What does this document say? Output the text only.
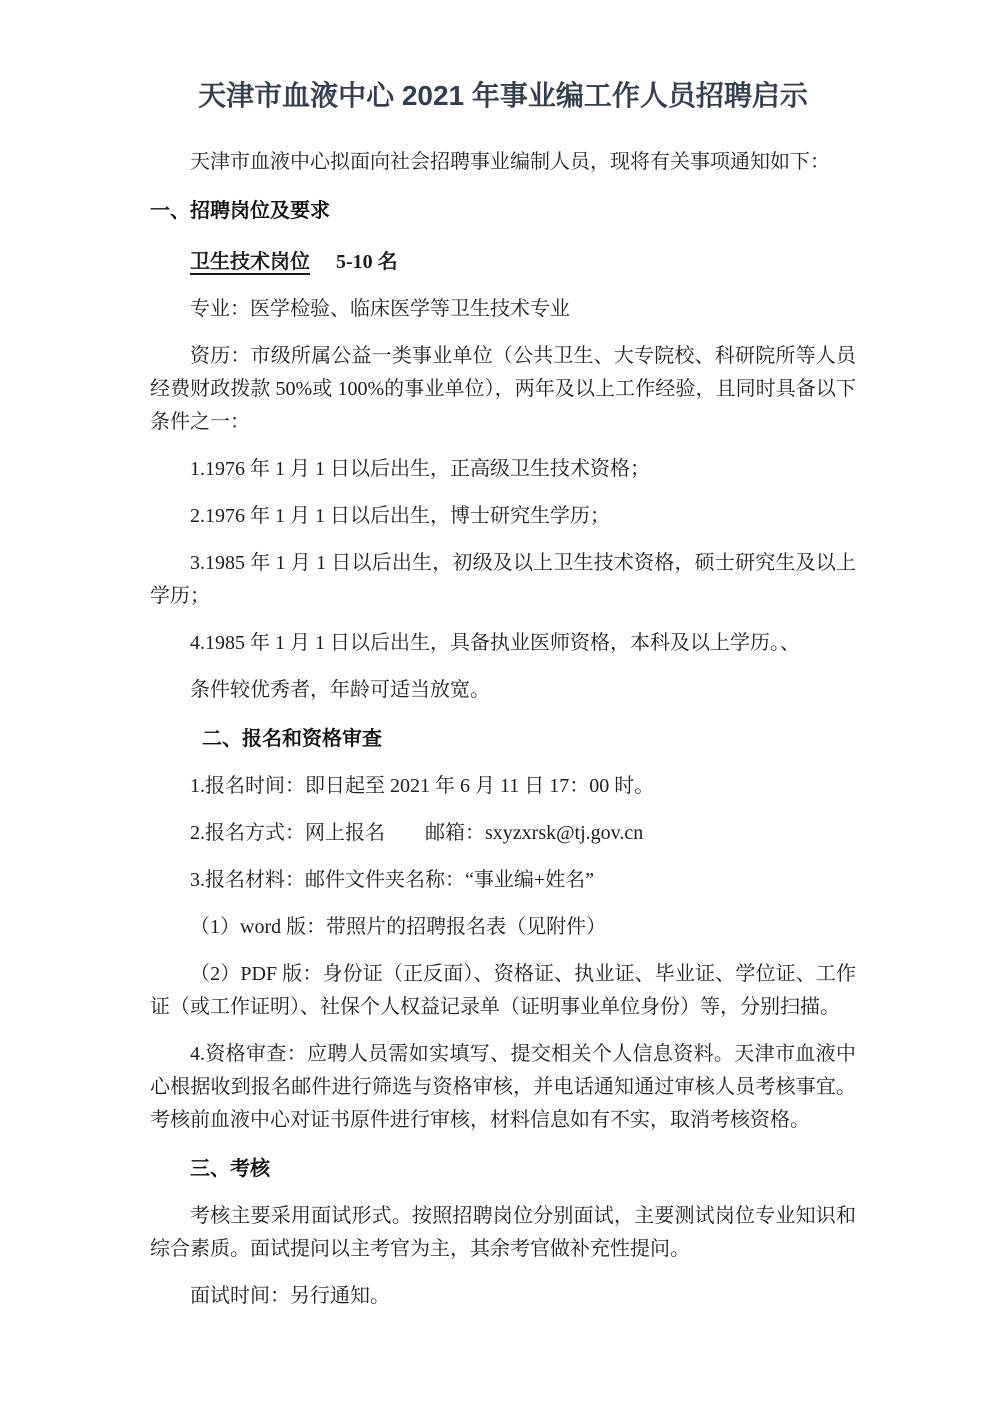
天津市血液中心 2021 年事业编工作人员招聘启示

天津市血液中心拟面向社会招聘事业编制人员，现将有关事项通知如下：

一、招聘岗位及要求

卫生技术岗位 5-10 名

专业：医学检验、临床医学等卫生技术专业

资历：市级所属公益一类事业单位（公共卫生、大专院校、科研院所等人员经费财政拨款 50%或 100%的事业单位），两年及以上工作经验，且同时具备以下条件之一：

1.1976 年 1 月 1 日以后出生，正高级卫生技术资格；

2.1976 年 1 月 1 日以后出生，博士研究生学历；

3.1985 年 1 月 1 日以后出生，初级及以上卫生技术资格，硕士研究生及以上学历；

4.1985 年 1 月 1 日以后出生，具备执业医师资格，本科及以上学历。、

条件较优秀者，年龄可适当放宽。

二、报名和资格审查

1.报名时间：即日起至 2021 年 6 月 11 日 17：00 时。

2.报名方式：网上报名　　邮箱：sxyzxrsk@tj.gov.cn

3.报名材料：邮件文件夹名称：“事业编+姓名”

（1）word 版：带照片的招聘报名表（见附件）

（2）PDF 版：身份证（正反面）、资格证、执业证、毕业证、学位证、工作证（或工作证明）、社保个人权益记录单（证明事业单位身份）等，分别扫描。

4.资格审查：应聘人员需如实填写、提交相关个人信息资料。天津市血液中心根据收到报名邮件进行筛选与资格审核，并电话通知通过审核人员考核事宜。考核前血液中心对证书原件进行审核，材料信息如有不实，取消考核资格。

三、考核

考核主要采用面试形式。按照招聘岗位分别面试，主要测试岗位专业知识和综合素质。面试提问以主考官为主，其余考官做补充性提问。

面试时间：另行通知。
